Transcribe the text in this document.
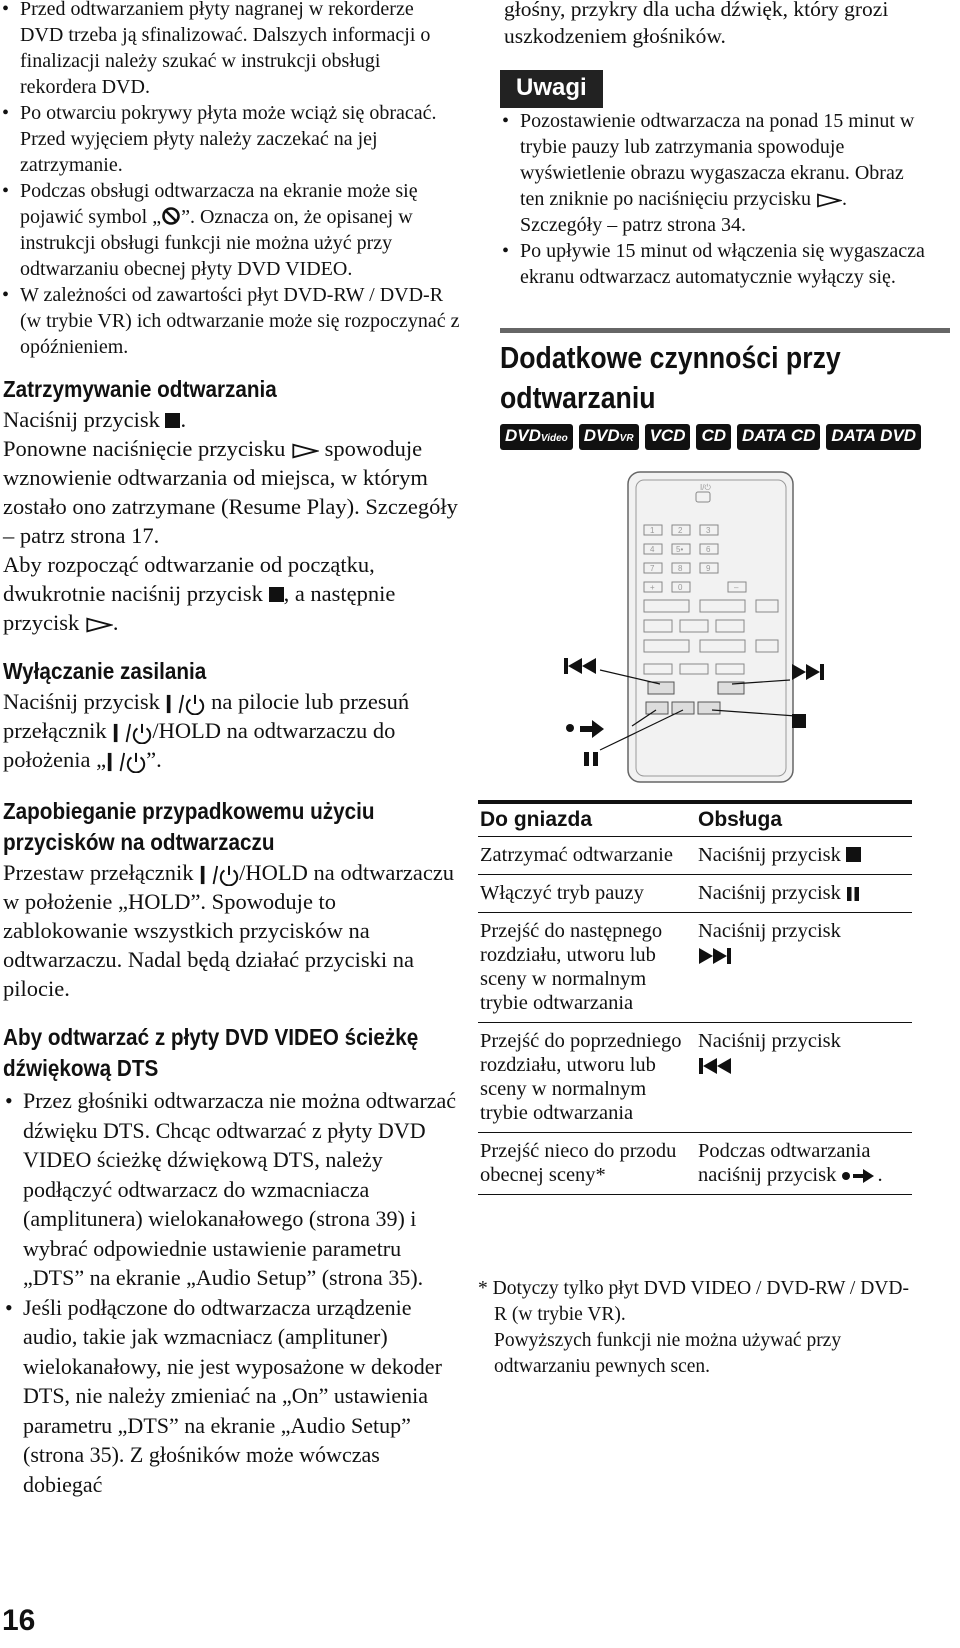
• Przed odtwarzaniem płyty nagranej w rekorderze DVD trzeba ją sfinalizować. Dalszych informacji o finalizacji należy szukać w instrukcji obsługi rekordera DVD.
• Po otwarciu pokrywy płyta może wciąż się obracać. Przed wyjęciem płyty należy zaczekać na jej zatrzymanie.
• Podczas obsługi odtwarzacza na ekranie może się pojawić symbol „ ”. Oznacza on, że opisanej w instrukcji obsługi funkcji nie można użyć przy odtwarzaniu obecnej płyty DVD VIDEO.
• W zależności od zawartości płyt DVD-RW / DVD-R (w trybie VR) ich odtwarzanie może się rozpoczynać z opóźnieniem.
Zatrzymywanie odtwarzania

Naciśnij przycisk .
Ponowne naciśnięcie przycisku  spowoduje wznowienie odtwarzania od miejsca, w którym zostało ono zatrzymane (Resume Play). Szczegóły – patrz strona 17.
Aby rozpocząć odtwarzanie od początku, dwukrotnie naciśnij przycisk , a następnie przycisk .

Wyłączanie zasilania

Naciśnij przycisk  na pilocie lub przesuń przełącznik /HOLD na odtwarzaczu do położenia „ ”.

Zapobieganie przypadkowemu użyciu
przycisków na odtwarzaczu

Przestaw przełącznik /HOLD na odtwarzaczu w położenie „HOLD”. Spowoduje to zablokowanie wszystkich przycisków na odtwarzaczu. Nadal będą działać przyciski na pilocie.

Aby odtwarzać z płyty DVD VIDEO ścieżkę
dźwiękową DTS
• Przez głośniki odtwarzacza nie można odtwarzać dźwięku DTS. Chcąc odtwarzać z płyty DVD VIDEO ścieżkę dźwiękową DTS, należy podłączyć odtwarzacz do wzmacniacza (amplitunera) wielokanałowego (strona 39) i wybrać odpowiednie ustawienie parametru „DTS” na ekranie „Audio Setup” (strona 35).
• Jeśli podłączone do odtwarzacza urządzenie audio, takie jak wzmacniacz (amplituner) wielokanałowy, nie jest wyposażone w dekoder DTS, nie należy zmieniać na „On” ustawienia parametru „DTS” na ekranie „Audio Setup” (strona 35). Z głośników może wówczas dobiegać

głośny, przykry dla ucha dźwięk, który grozi uszkodzeniem głośników.

Uwagi
• Pozostawienie odtwarzacza na ponad 15 minut w trybie pauzy lub zatrzymania spowoduje wyświetlenie obrazu wygaszacza ekranu. Obraz ten zniknie po naciśnięciu przycisku . Szczegóły – patrz strona 34.
• Po upływie 15 minut od włączenia się wygaszacza ekranu odtwarzacz automatycznie wyłączy się.
Dodatkowe czynności przy
odtwarzaniu
DVDVideo DVDVR VCD CD DATA CD DATA DVD
I/⏻
1	2	3
4	5•	6
7	8	9
+	0	–
Do gniazda	Obsługa
Zatrzymać odtwarzanie	Naciśnij przycisk
Włączyć tryb pauzy	Naciśnij przycisk
Przejść do następnego rozdziału, utworu lub sceny w normalnym trybie odtwarzania	Naciśnij przycisk

Przejść do poprzedniego rozdziału, utworu lub sceny w normalnym trybie odtwarzania	Naciśnij przycisk

Przejść nieco do przodu obecnej sceny*	Podczas odtwarzania naciśnij przycisk .

* Dotyczy tylko płyt DVD VIDEO / DVD-RW / DVD-R (w trybie VR).

Powyższych funkcji nie można używać przy odtwarzaniu pewnych scen.

16
